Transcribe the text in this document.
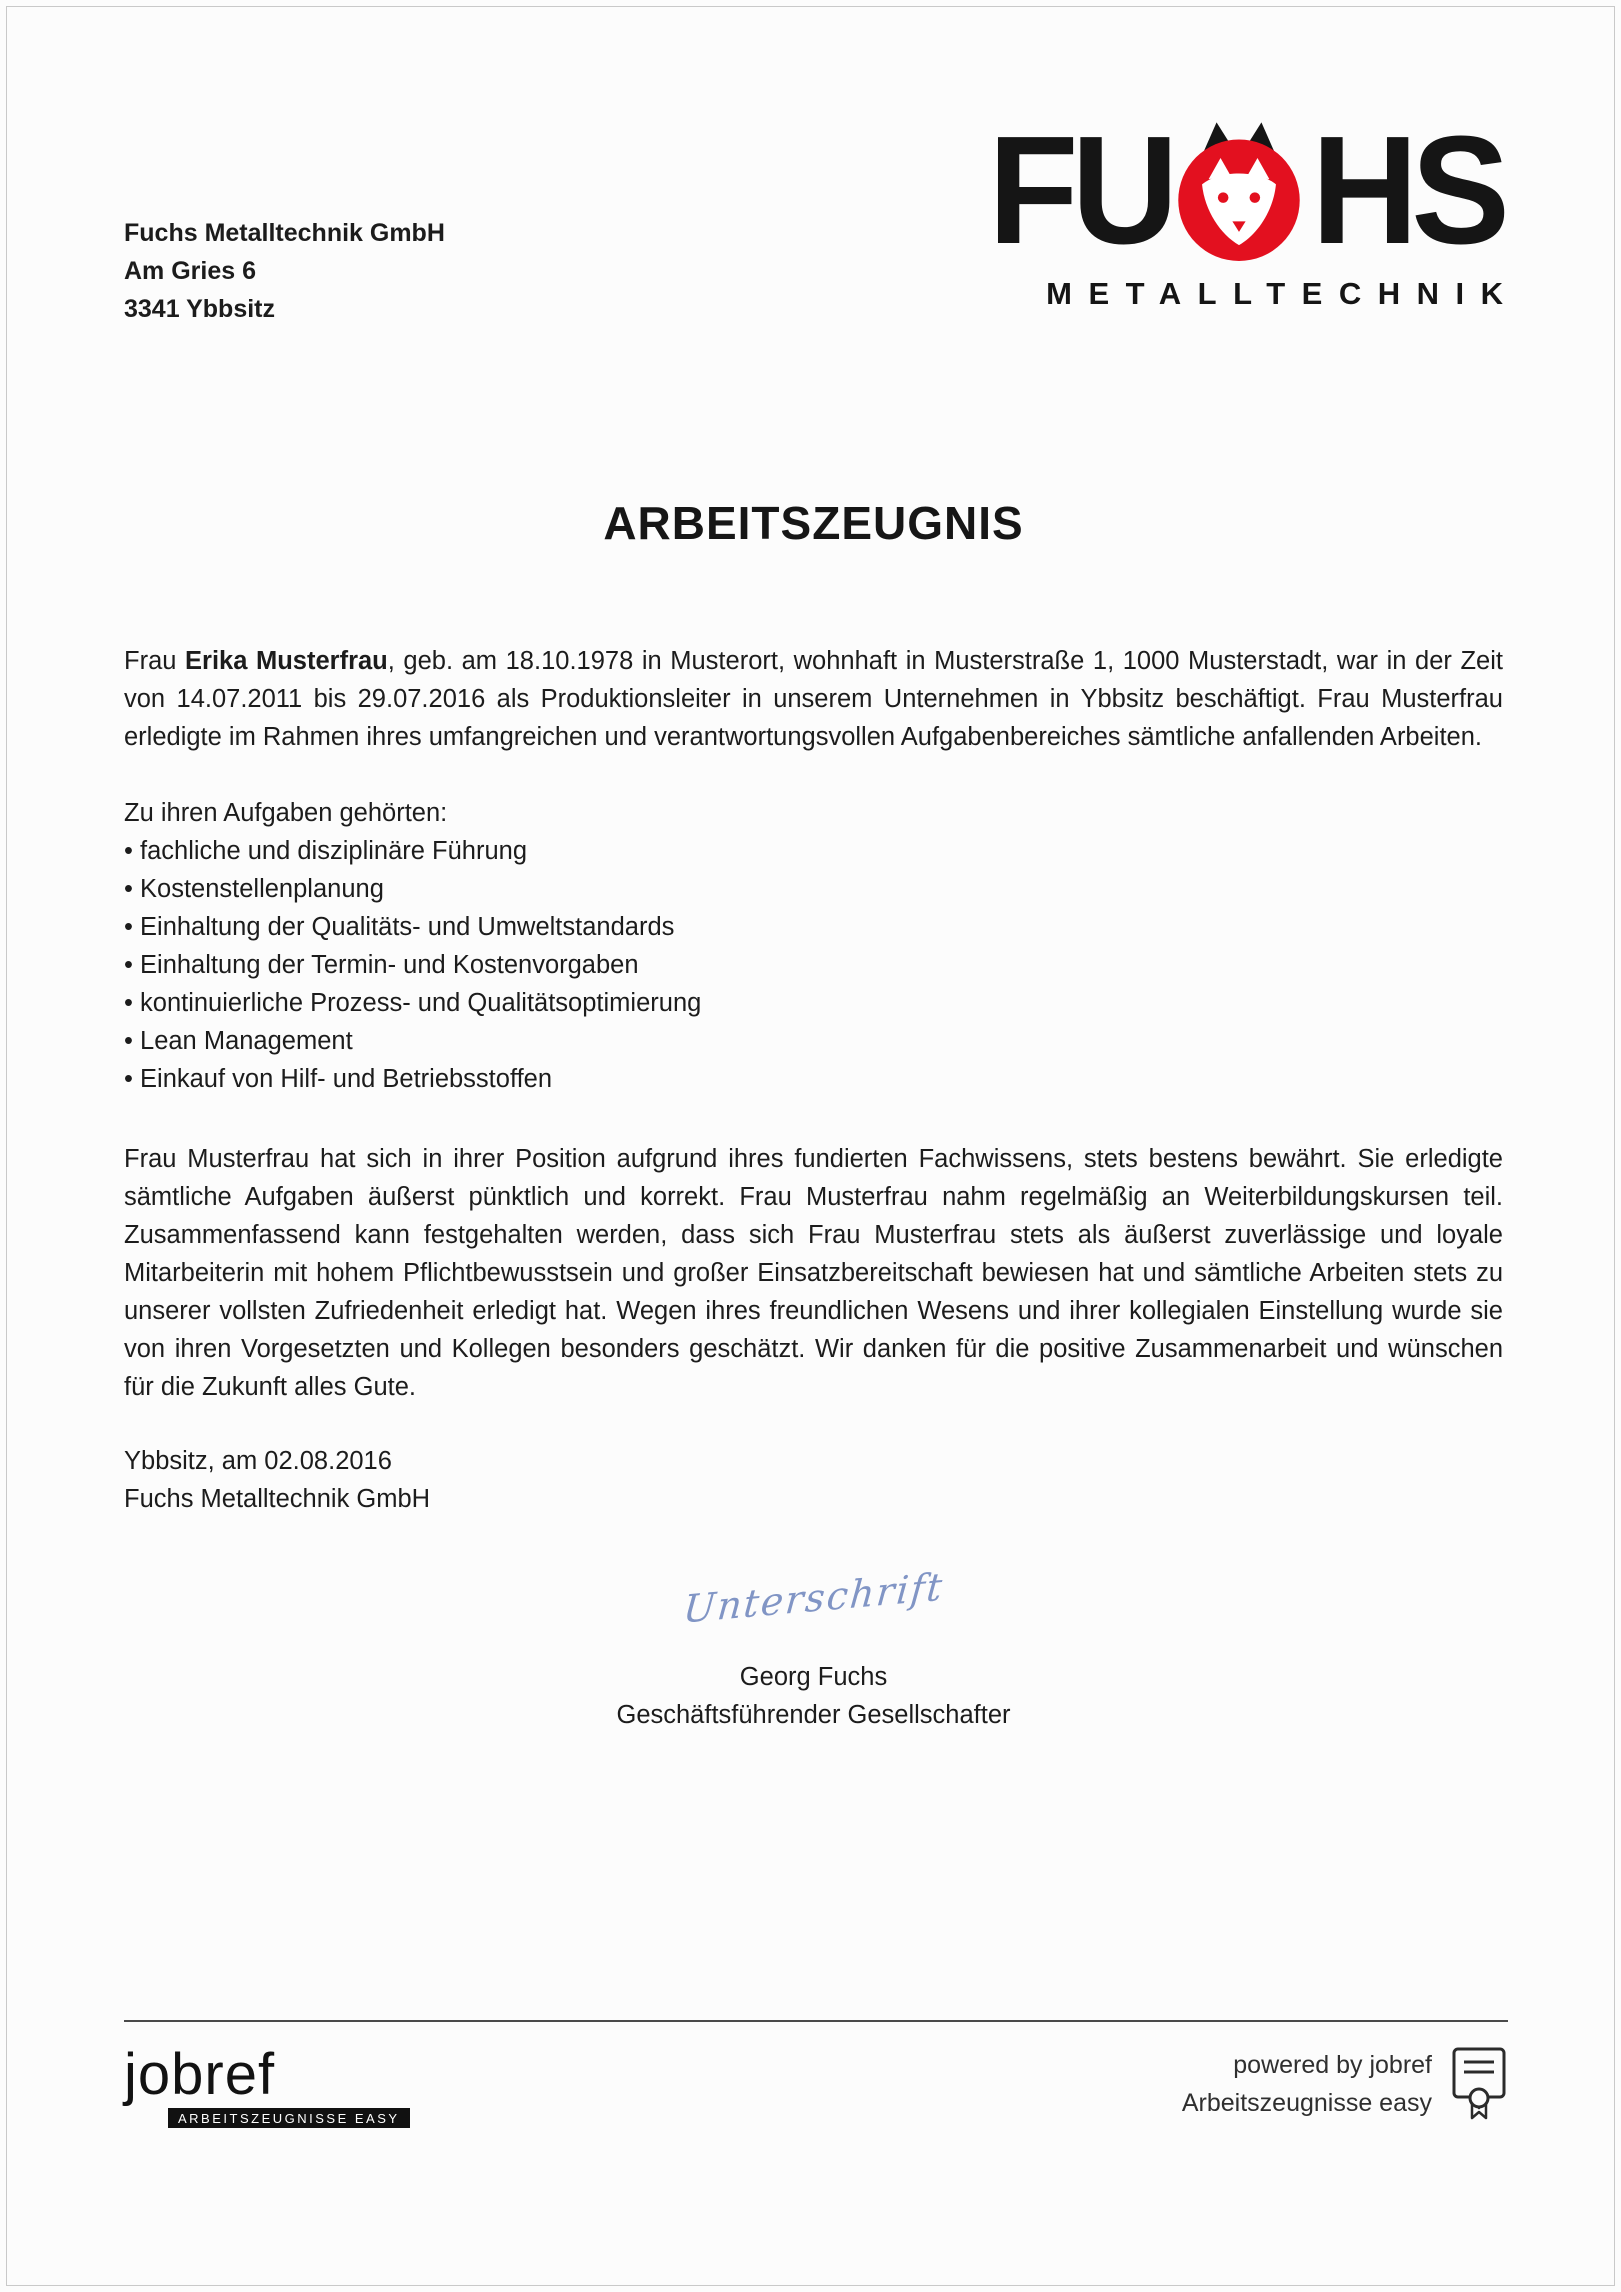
Fuchs Metalltechnik GmbH
Am Gries 6
3341 Ybbsitz
FU HS
METALLTECHNIK
ARBEITSZEUGNIS

Frau Erika Musterfrau, geb. am 18.10.1978 in Musterort, wohnhaft in Musterstraße 1, 1000 Musterstadt, war in der Zeit von 14.07.2011 bis 29.07.2016 als Produktionsleiter in unserem Unternehmen in Ybbsitz beschäftigt. Frau Musterfrau erledigte im Rahmen ihres umfangreichen und verantwortungsvollen Aufgabenbereiches sämtliche anfallenden Arbeiten.

Zu ihren Aufgaben gehörten:
• fachliche und disziplinäre Führung
• Kostenstellenplanung
• Einhaltung der Qualitäts- und Umweltstandards
• Einhaltung der Termin- und Kostenvorgaben
• kontinuierliche Prozess- und Qualitätsoptimierung
• Lean Management
• Einkauf von Hilf- und Betriebsstoffen

Frau Musterfrau hat sich in ihrer Position aufgrund ihres fundierten Fachwissens, stets bestens bewährt. Sie erledigte sämtliche Aufgaben äußerst pünktlich und korrekt. Frau Musterfrau nahm regelmäßig an Weiterbildungskursen teil. Zusammenfassend kann festgehalten werden, dass sich Frau Musterfrau stets als äußerst zuverlässige und loyale Mitarbeiterin mit hohem Pflichtbewusstsein und großer Einsatzbereitschaft bewiesen hat und sämtliche Arbeiten stets zu unserer vollsten Zufriedenheit erledigt hat. Wegen ihres freundlichen Wesens und ihrer kollegialen Einstellung wurde sie von ihren Vorgesetzten und Kollegen besonders geschätzt. Wir danken für die positive Zusammenarbeit und wünschen für die Zukunft alles Gute.

Ybbsitz, am 02.08.2016
Fuchs Metalltechnik GmbH
Unterschrift
Georg Fuchs
Geschäftsführender Gesellschafter
jobref
ARBEITSZEUGNISSE EASY
powered by jobref
Arbeitszeugnisse easy
